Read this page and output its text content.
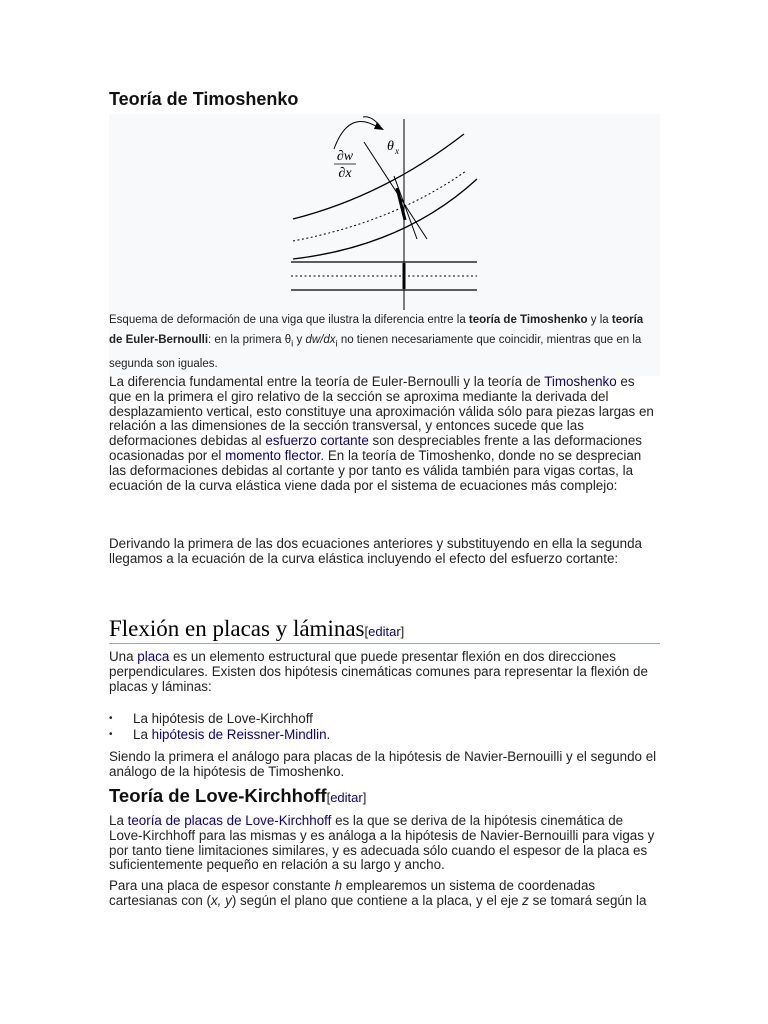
Teoría de Timoshenko
∂w
∂x
θ x
Esquema de deformación de una viga que ilustra la diferencia entre la teoría de Timoshenko y la teoría de Euler-Bernoulli: en la primera $\theta_i$ y $dw/dx_i$ no tienen necesariamente que coincidir, mientras que en la segunda son iguales.

La diferencia fundamental entre la teoría de Euler-Bernoulli y la teoría de Timoshenko es que en la primera el giro relativo de la sección se aproxima mediante la derivada del desplazamiento vertical, esto constituye una aproximación válida sólo para piezas largas en relación a las dimensiones de la sección transversal, y entonces sucede que las deformaciones debidas al esfuerzo cortante son despreciables frente a las deformaciones ocasionadas por el momento flector. En la teoría de Timoshenko, donde no se desprecian las deformaciones debidas al cortante y por tanto es válida también para vigas cortas, la ecuación de la curva elástica viene dada por el sistema de ecuaciones más complejo:

Derivando la primera de las dos ecuaciones anteriores y substituyendo en ella la segunda llegamos a la ecuación de la curva elástica incluyendo el efecto del esfuerzo cortante:

Flexión en placas y láminas[editar]

Una placa es un elemento estructural que puede presentar flexión en dos direcciones perpendiculares. Existen dos hipótesis cinemáticas comunes para representar la flexión de placas y láminas:

• La hipótesis de Love-Kirchhoff
• La hipótesis de Reissner-Mindlin.

Siendo la primera el análogo para placas de la hipótesis de Navier-Bernouilli y el segundo el análogo de la hipótesis de Timoshenko.

Teoría de Love-Kirchhoff[editar]

La teoría de placas de Love-Kirchhoff es la que se deriva de la hipótesis cinemática de Love-Kirchhoff para las mismas y es análoga a la hipótesis de Navier-Bernouilli para vigas y por tanto tiene limitaciones similares, y es adecuada sólo cuando el espesor de la placa es suficientemente pequeño en relación a su largo y ancho.

Para una placa de espesor constante h emplearemos un sistema de coordenadas cartesianas con (x, y) según el plano que contiene a la placa, y el eje z se tomará según la
